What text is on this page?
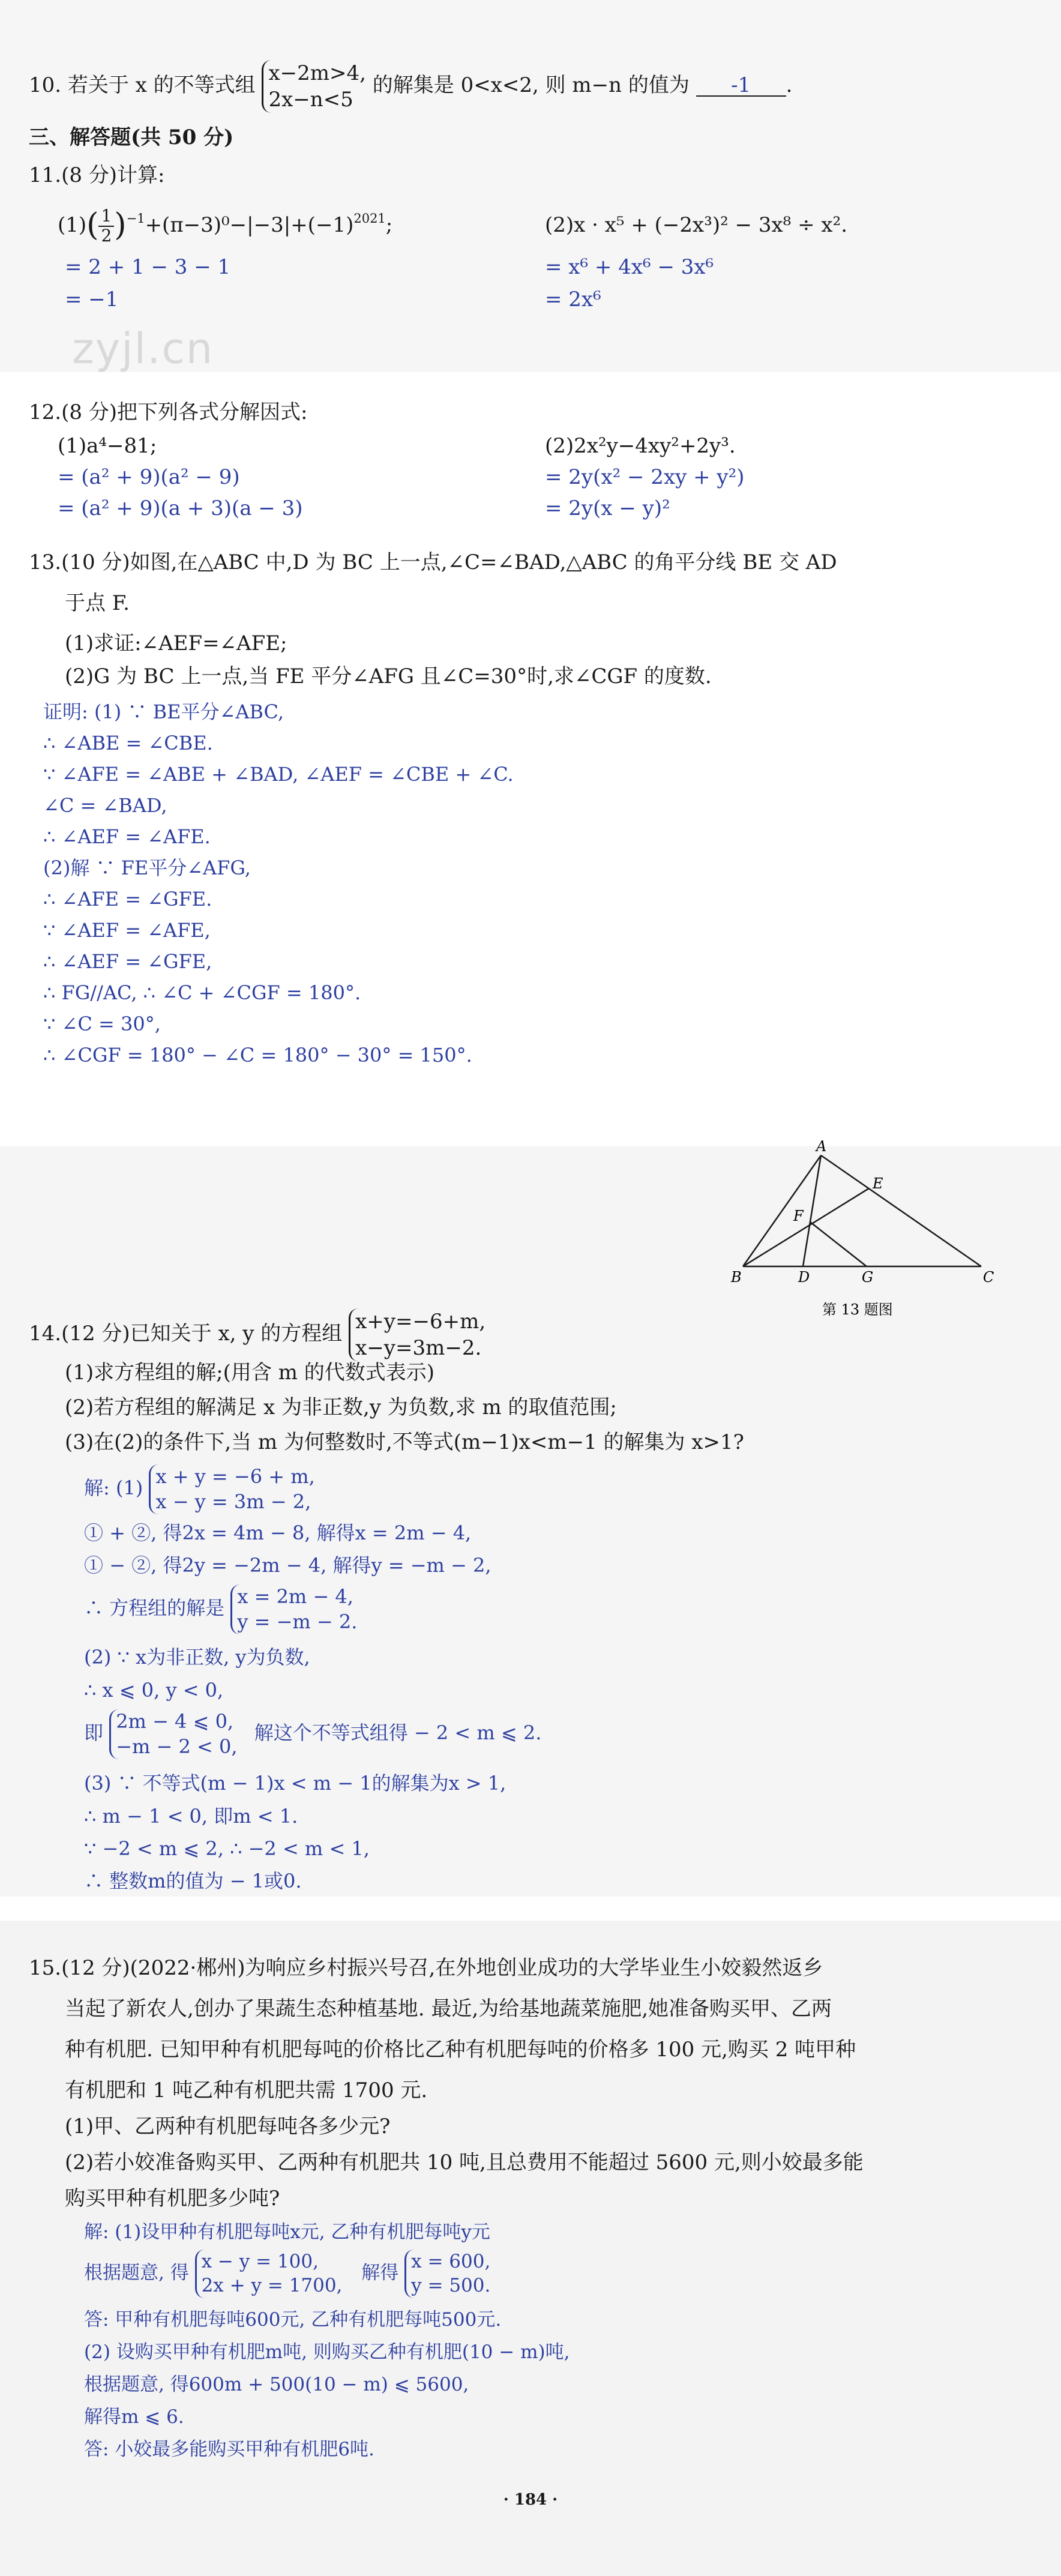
10. 若关于 x 的不等式组
x−2m>4,
2x−n<5
的解集是 0<x<2, 则 m−n 的值为 -1 .
三、解答题(共 50 分)
11.(8 分)计算:
$(1)( \frac{1}{2} )^{-1}+(\pi-3)^0-|-3|+(-1)^{2021}$;	(2)x · x⁵ + (−2x³)² − 3x⁸ ÷ x².
= 2 + 1 − 3 − 1
= −1
= x⁶ + 4x⁶ − 3x⁶
= 2x⁶
zyjl.cn
12.(8 分)把下列各式分解因式:
(1)a⁴−81;	(2)2x²y−4xy²+2y³.
= (a² + 9)(a² − 9)
= (a² + 9)(a + 3)(a − 3)
= 2y(x² − 2xy + y²)
= 2y(x − y)²
13.(10 分)如图,在△ABC 中,D 为 BC 上一点,∠C=∠BAD,△ABC 的角平分线 BE 交 AD
于点 F.
(1)求证:∠AEF=∠AFE;
(2)G 为 BC 上一点,当 FE 平分∠AFG 且∠C=30°时,求∠CGF 的度数.
证明: (1) ∵ BE平分∠ABC,
∴ ∠ABE = ∠CBE.
∵ ∠AFE = ∠ABE + ∠BAD, ∠AEF = ∠CBE + ∠C.
∠C = ∠BAD,
∴ ∠AEF = ∠AFE.
(2)解 ∵ FE平分∠AFG,
∴ ∠AFE = ∠GFE.
∵ ∠AEF = ∠AFE,
∴ ∠AEF = ∠GFE,
∴ FG//AC, ∴ ∠C + ∠CGF = 180°.
∵ ∠C = 30°,
∴ ∠CGF = 180° − ∠C = 180° − 30° = 150°.
A
E
F
B	D	G	C
第 13 题图
14.(12 分)已知关于 x, y 的方程组
x+y=−6+m,
x−y=3m−2.
(1)求方程组的解;(用含 m 的代数式表示)
(2)若方程组的解满足 x 为非正数,y 为负数,求 m 的取值范围;
(3)在(2)的条件下,当 m 为何整数时,不等式(m−1)x<m−1 的解集为 x>1?
解: (1)
x + y = −6 + m,
x − y = 3m − 2,
① + ②, 得2x = 4m − 8, 解得x = 2m − 4,
① − ②, 得2y = −2m − 4, 解得y = −m − 2,
∴ 方程组的解是
x = 2m − 4,
y = −m − 2.
(2) ∵ x为非正数, y为负数,
∴ x ⩽ 0, y < 0,
即
2m − 4 ⩽ 0,
−m − 2 < 0,
解这个不等式组得 − 2 < m ⩽ 2.
(3) ∵ 不等式(m − 1)x < m − 1的解集为x > 1,
∴ m − 1 < 0, 即m < 1.
∵ −2 < m ⩽ 2, ∴ −2 < m < 1,
∴ 整数m的值为 − 1或0.
15.(12 分)(2022·郴州)为响应乡村振兴号召,在外地创业成功的大学毕业生小姣毅然返乡
当起了新农人,创办了果蔬生态种植基地. 最近,为给基地蔬菜施肥,她准备购买甲、乙两
种有机肥. 已知甲种有机肥每吨的价格比乙种有机肥每吨的价格多 100 元,购买 2 吨甲种
有机肥和 1 吨乙种有机肥共需 1700 元.
(1)甲、乙两种有机肥每吨各多少元?
(2)若小姣准备购买甲、乙两种有机肥共 10 吨,且总费用不能超过 5600 元,则小姣最多能
购买甲种有机肥多少吨?
解: (1)设甲种有机肥每吨x元, 乙种有机肥每吨y元
根据题意, 得
x − y = 100,
2x + y = 1700,
解得
x = 600,
y = 500.
答: 甲种有机肥每吨600元, 乙种有机肥每吨500元.
(2) 设购买甲种有机肥m吨, 则购买乙种有机肥(10 − m)吨,
根据题意, 得600m + 500(10 − m) ⩽ 5600,
解得m ⩽ 6.
答: 小姣最多能购买甲种有机肥6吨.
· 184 ·
